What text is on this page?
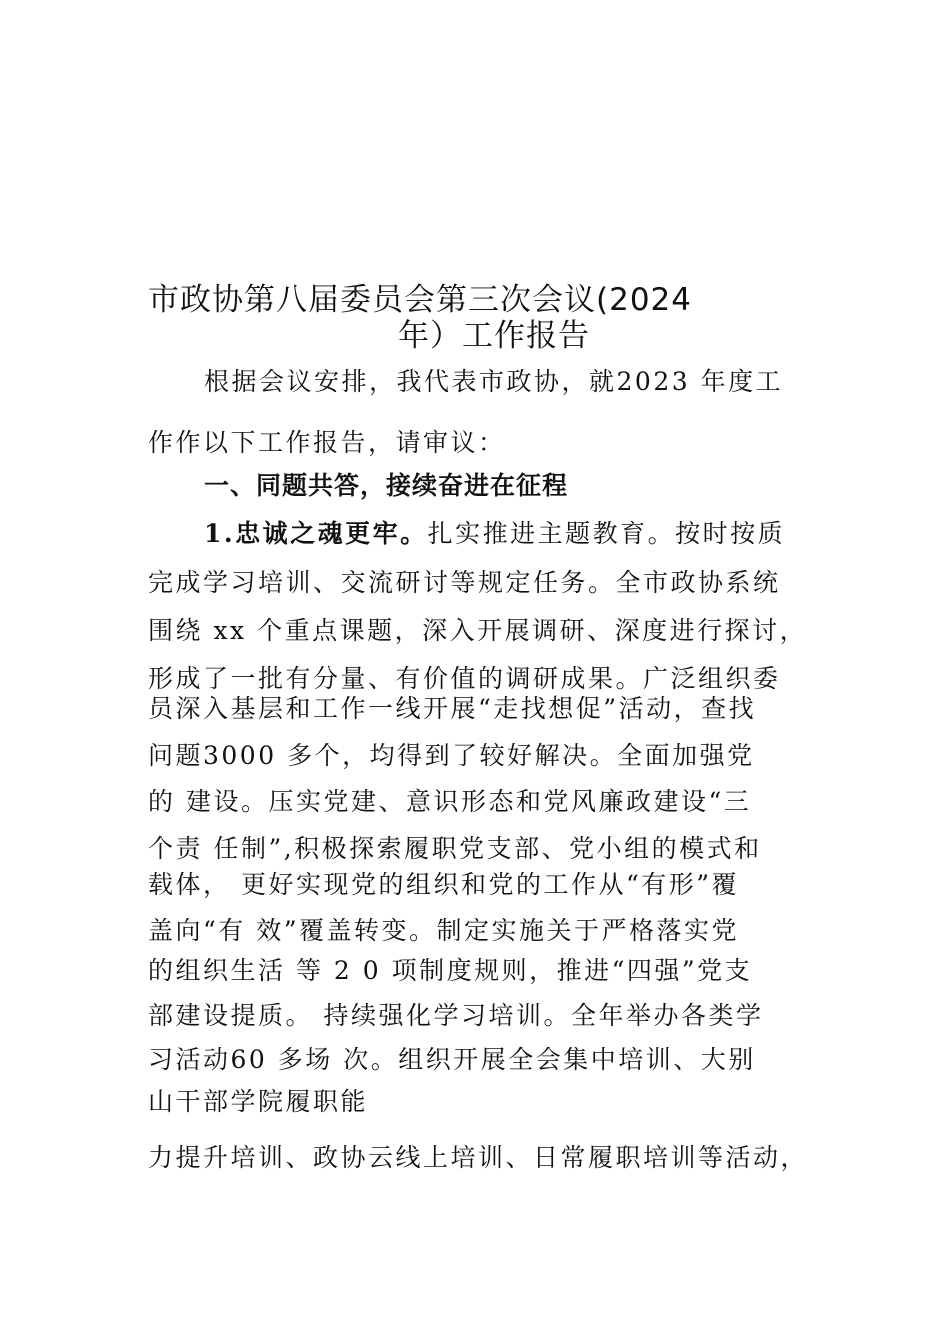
市政协第八届委员会第三次会议(2024
年）工作报告
根据会议安排，我代表市政协，就2023 年度工
作作以下工作报告，请审议：
一、同题共答，接续奋进在征程
1.忠诚之魂更牢。扎实推进主题教育。按时按质
完成学习培训、交流研讨等规定任务。全市政协系统
围绕 xx 个重点课题，深入开展调研、深度进行探讨，
形成了一批有分量、有价值的调研成果。广泛组织委
员深入基层和工作一线开展“走找想促”活动，查找
问题3000 多个，均得到了较好解决。全面加强党
的 建设。压实党建、意识形态和党风廉政建设“三
个责 任制”,积极探索履职党支部、党小组的模式和
载体， 更好实现党的组织和党的工作从“有形”覆
盖向“有 效”覆盖转变。制定实施关于严格落实党
的组织生活 等 2 0 项制度规则，推进“四强”党支
部建设提质。 持续强化学习培训。全年举办各类学
习活动60 多场 次。组织开展全会集中培训、大别
山干部学院履职能
力提升培训、政协云线上培训、日常履职培训等活动，
